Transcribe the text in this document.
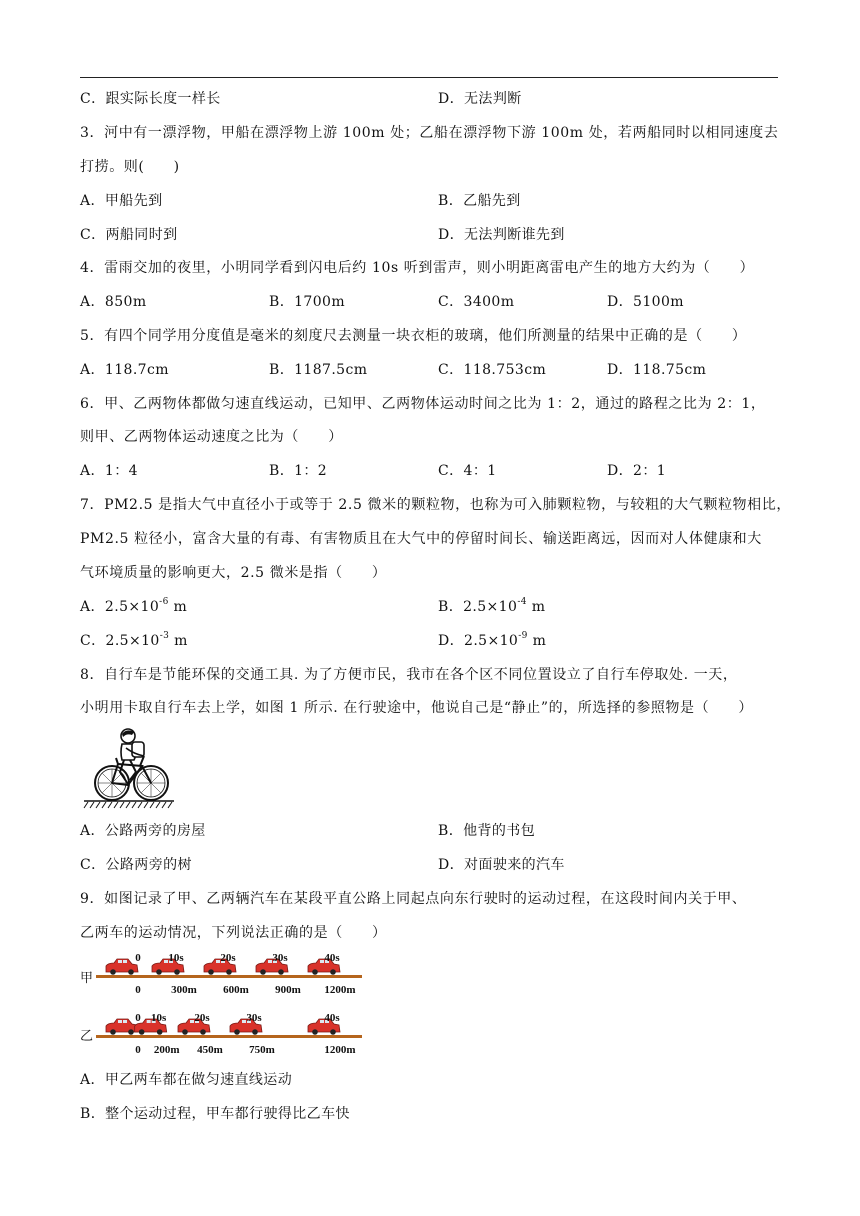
C．跟实际长度一样长	D．无法判断
3．河中有一漂浮物，甲船在漂浮物上游 100m 处；乙船在漂浮物下游 100m 处，若两船同时以相同速度去
打捞。则(　　)
A．甲船先到	B．乙船先到
C．两船同时到	D．无法判断谁先到
4．雷雨交加的夜里，小明同学看到闪电后约 10s 听到雷声，则小明距离雷电产生的地方大约为（　　）
A．850m	B．1700m	C．3400m	D．5100m
5．有四个同学用分度值是毫米的刻度尺去测量一块衣柜的玻璃，他们所测量的结果中正确的是（　　）
A．118.7cm	B．1187.5cm	C．118.753cm	D．118.75cm
6．甲、乙两物体都做匀速直线运动，已知甲、乙两物体运动时间之比为 1：2，通过的路程之比为 2：1，
则甲、乙两物体运动速度之比为（　　）
A．1：4	B．1：2	C．4：1	D．2：1
7．PM2.5 是指大气中直径小于或等于 2.5 微米的颗粒物，也称为可入肺颗粒物，与较粗的大气颗粒物相比，
PM2.5 粒径小，富含大量的有毒、有害物质且在大气中的停留时间长、输送距离远，因而对人体健康和大
气环境质量的影响更大，2.5 微米是指（　　）
A．$2.5\times 10^{-6}$ m	B．$2.5\times 10^{-4}$ m
C．$2.5\times 10^{-3}$ m	D．$2.5\times 10^{-9}$ m
8．自行车是节能环保的交通工具. 为了方便市民，我市在各个区不同位置设立了自行车停取处. 一天，
小明用卡取自行车去上学，如图 1 所示. 在行驶途中，他说自己是“静止”的，所选择的参照物是（　　）
A．公路两旁的房屋	B．他背的书包
C．公路两旁的树	D．对面驶来的汽车
9．如图记录了甲、乙两辆汽车在某段平直公路上同起点向东行驶时的运动过程，在这段时间内关于甲、
乙两车的运动情况，下列说法正确的是（　　）
甲
0	10s	20s	30s	40s
0	300m 600m 900m 1200m
乙
0 10s	20s	30s	40s
0 200m 450m 750m	1200m
A．甲乙两车都在做匀速直线运动
B．整个运动过程，甲车都行驶得比乙车快
